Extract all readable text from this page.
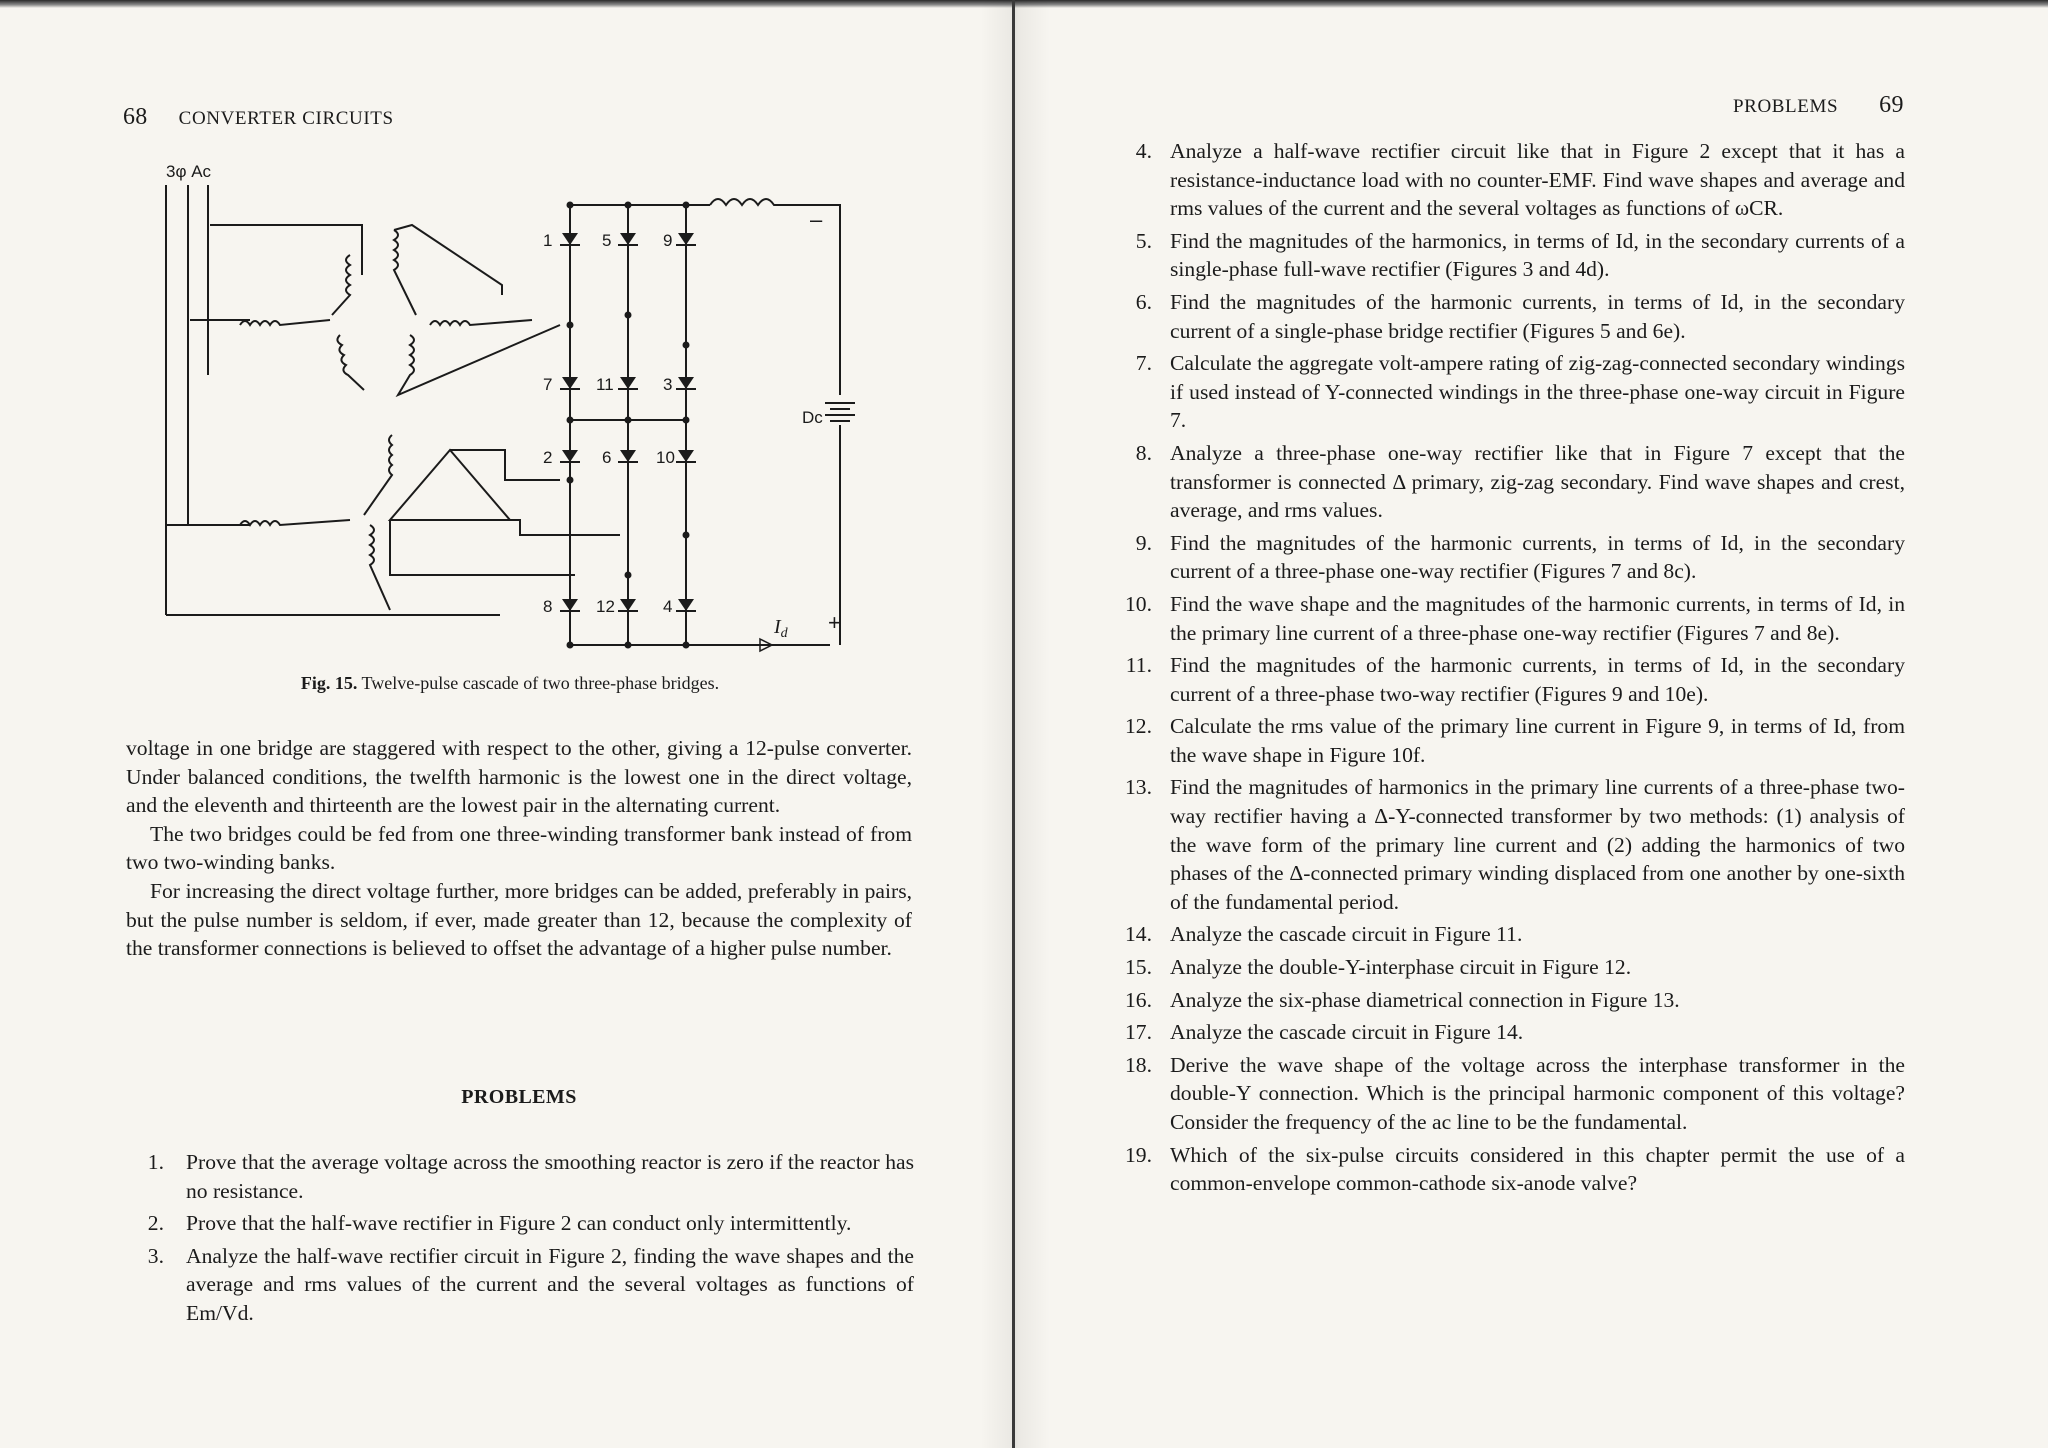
68 CONVERTER CIRCUITS
3φ Ac
1	5	9
7	11	3
2	6	10
8	12	4
Dc
–
+
$I_d$
Fig. 15. Twelve-pulse cascade of two three-phase bridges.

voltage in one bridge are staggered with respect to the other, giving a 12-pulse converter. Under balanced conditions, the twelfth harmonic is the lowest one in the direct voltage, and the eleventh and thirteenth are the lowest pair in the alternating current.

The two bridges could be fed from one three-winding transformer bank instead of from two two-winding banks.

For increasing the direct voltage further, more bridges can be added, preferably in pairs, but the pulse number is seldom, if ever, made greater than 12, because the complexity of the transformer connections is believed to offset the advantage of a higher pulse number.

PROBLEMS
1. Prove that the average voltage across the smoothing reactor is zero if the reactor has no resistance.
2. Prove that the half-wave rectifier in Figure 2 can conduct only intermittently.
3. Analyze the half-wave rectifier circuit in Figure 2, finding the wave shapes and the average and rms values of the current and the several voltages as functions of Em/Vd.
PROBLEMS 69
4. Analyze a half-wave rectifier circuit like that in Figure 2 except that it has a resistance-inductance load with no counter-EMF. Find wave shapes and average and rms values of the current and the several voltages as functions of ωCR.
5. Find the magnitudes of the harmonics, in terms of Id, in the secondary currents of a single-phase full-wave rectifier (Figures 3 and 4d).
6. Find the magnitudes of the harmonic currents, in terms of Id, in the secondary current of a single-phase bridge rectifier (Figures 5 and 6e).
7. Calculate the aggregate volt-ampere rating of zig-zag-connected secondary windings if used instead of Y-connected windings in the three-phase one-way circuit in Figure 7.
8. Analyze a three-phase one-way rectifier like that in Figure 7 except that the transformer is connected Δ primary, zig-zag secondary. Find wave shapes and crest, average, and rms values.
9. Find the magnitudes of the harmonic currents, in terms of Id, in the secondary current of a three-phase one-way rectifier (Figures 7 and 8c).
10. Find the wave shape and the magnitudes of the harmonic currents, in terms of Id, in the primary line current of a three-phase one-way rectifier (Figures 7 and 8e).
11. Find the magnitudes of the harmonic currents, in terms of Id, in the secondary current of a three-phase two-way rectifier (Figures 9 and 10e).
12. Calculate the rms value of the primary line current in Figure 9, in terms of Id, from the wave shape in Figure 10f.
13. Find the magnitudes of harmonics in the primary line currents of a three-phase two-way rectifier having a Δ-Y-connected transformer by two methods: (1) analysis of the wave form of the primary line current and (2) adding the harmonics of two phases of the Δ-connected primary winding displaced from one another by one-sixth of the fundamental period.
14. Analyze the cascade circuit in Figure 11.
15. Analyze the double-Y-interphase circuit in Figure 12.
16. Analyze the six-phase diametrical connection in Figure 13.
17. Analyze the cascade circuit in Figure 14.
18. Derive the wave shape of the voltage across the interphase transformer in the double-Y connection. Which is the principal harmonic component of this voltage? Consider the frequency of the ac line to be the fundamental.
19. Which of the six-pulse circuits considered in this chapter permit the use of a common-envelope common-cathode six-anode valve?
